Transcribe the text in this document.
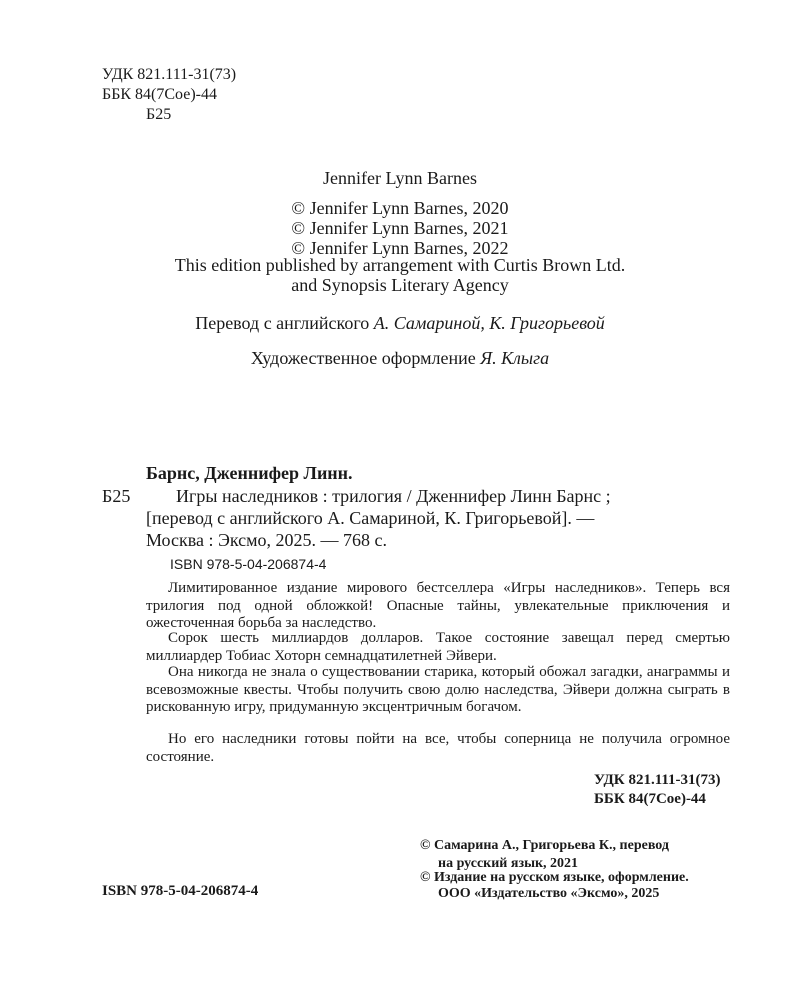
УДК 821.111-31(73)
ББК 84(7Сое)-44
Б25
Jennifer Lynn Barnes
© Jennifer Lynn Barnes, 2020
© Jennifer Lynn Barnes, 2021
© Jennifer Lynn Barnes, 2022
This edition published by arrangement with Curtis Brown Ltd.
and Synopsis Literary Agency
Перевод с английского А. Самариной, К. Григорьевой
Художественное оформление Я. Клыга
Барнс, Дженнифер Линн.
Б25	Игры наследников : трилогия / Дженнифер Линн Барнс ;
[перевод с английского А. Самариной, К. Григорьевой]. —
Москва : Эксмо, 2025. — 768 с.
ISBN 978-5-04-206874-4
Лимитированное издание мирового бестселлера «Игры наследников». Теперь вся трилогия под одной обложкой! Опасные тайны, увлекательные приключения и ожесточенная борьба за наследство.
Сорок шесть миллиардов долларов. Такое состояние завещал перед смертью миллиардер Тобиас Хоторн семнадцатилетней Эйвери.
Она никогда не знала о существовании старика, который обожал загадки, анаграммы и всевозможные квесты. Чтобы получить свою долю наследства, Эйвери должна сыграть в рискованную игру, придуманную эксцентричным богачом.
Но его наследники готовы пойти на все, чтобы соперница не получила огромное состояние.
УДК 821.111-31(73)
ББК 84(7Сое)-44
© Самарина А., Григорьева К., перевод
на русский язык, 2021
© Издание на русском языке, оформление.
ООО «Издательство «Эксмо», 2025
ISBN 978-5-04-206874-4
